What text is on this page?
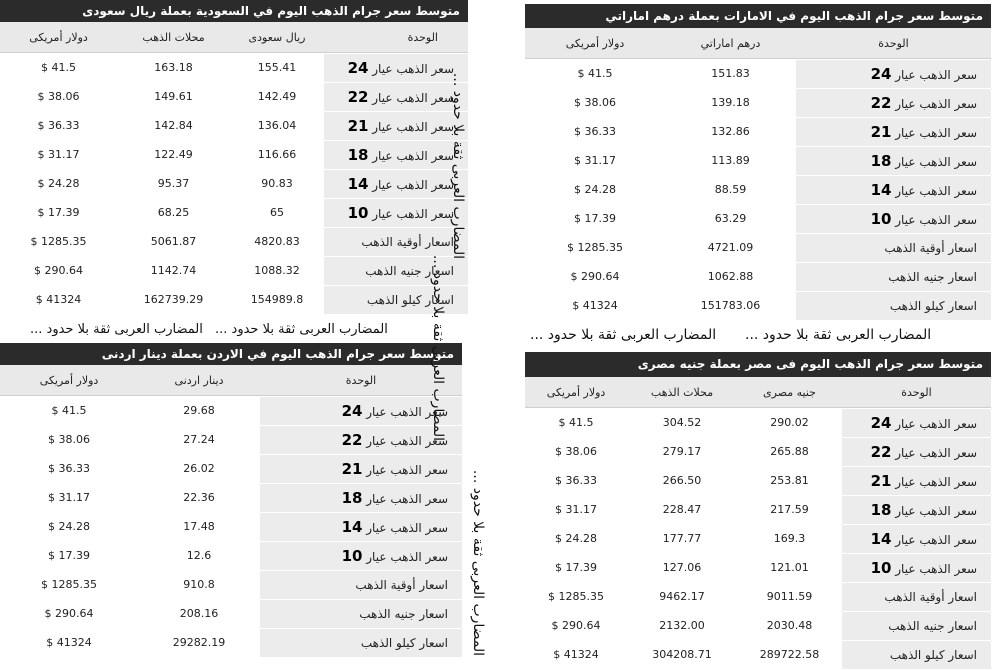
متوسط سعر جرام الذهب اليوم في السعودية بعملة ريال سعودى
دولار أمريكى	محلات الذهب	ريال سعودى	الوحدة
$ 41.5	163.18	155.41	سعر الذهب عيار 24
$ 38.06	149.61	142.49	سعر الذهب عيار 22
$ 36.33	142.84	136.04	سعر الذهب عيار 21
$ 31.17	122.49	116.66	سعر الذهب عيار 18
$ 24.28	95.37	90.83	سعر الذهب عيار 14
$ 17.39	68.25	65	سعر الذهب عيار 10
$ 1285.35	5061.87	4820.83	اسعار أوقية الذهب
$ 290.64	1142.74	1088.32	اسعار جنيه الذهب
$ 41324	162739.29	154989.8	اسعار كيلو الذهب
متوسط سعر جرام الذهب اليوم في الامارات بعملة درهم اماراتي
دولار أمريكى	درهم اماراتي	الوحدة
$ 41.5	151.83	سعر الذهب عيار 24
$ 38.06	139.18	سعر الذهب عيار 22
$ 36.33	132.86	سعر الذهب عيار 21
$ 31.17	113.89	سعر الذهب عيار 18
$ 24.28	88.59	سعر الذهب عيار 14
$ 17.39	63.29	سعر الذهب عيار 10
$ 1285.35	4721.09	اسعار أوقية الذهب
$ 290.64	1062.88	اسعار جنيه الذهب
$ 41324	151783.06	اسعار كيلو الذهب
متوسط سعر جرام الذهب اليوم في الاردن بعملة دينار اردنى
دولار أمريكى	دينار اردنى	الوحدة
$ 41.5	29.68	سعر الذهب عيار 24
$ 38.06	27.24	سعر الذهب عيار 22
$ 36.33	26.02	سعر الذهب عيار 21
$ 31.17	22.36	سعر الذهب عيار 18
$ 24.28	17.48	سعر الذهب عيار 14
$ 17.39	12.6	سعر الذهب عيار 10
$ 1285.35	910.8	اسعار أوقية الذهب
$ 290.64	208.16	اسعار جنيه الذهب
$ 41324	29282.19	اسعار كيلو الذهب
متوسط سعر جرام الذهب اليوم فى مصر بعملة جنيه مصرى
دولار أمريكى	محلات الذهب	جنيه مصرى	الوحدة
$ 41.5	304.52	290.02	سعر الذهب عيار 24
$ 38.06	279.17	265.88	سعر الذهب عيار 22
$ 36.33	266.50	253.81	سعر الذهب عيار 21
$ 31.17	228.47	217.59	سعر الذهب عيار 18
$ 24.28	177.77	169.3	سعر الذهب عيار 14
$ 17.39	127.06	121.01	سعر الذهب عيار 10
$ 1285.35	9462.17	9011.59	اسعار أوقية الذهب
$ 290.64	2132.00	2030.48	اسعار جنيه الذهب
$ 41324	304208.71	289722.58	اسعار كيلو الذهب
المضارب العربى ثقة بلا حدود ... المضارب العربى ثقة بلا حدود ...	المضارب العربى ثقة بلا حدود ... المضارب العربى ثقة بلا حدود ...
المضارب العربى ثقة بلا حدود ...
المضارب العربى ثقة بلا حدود ...
المضارب العربى ثقة بلا حدود ...
